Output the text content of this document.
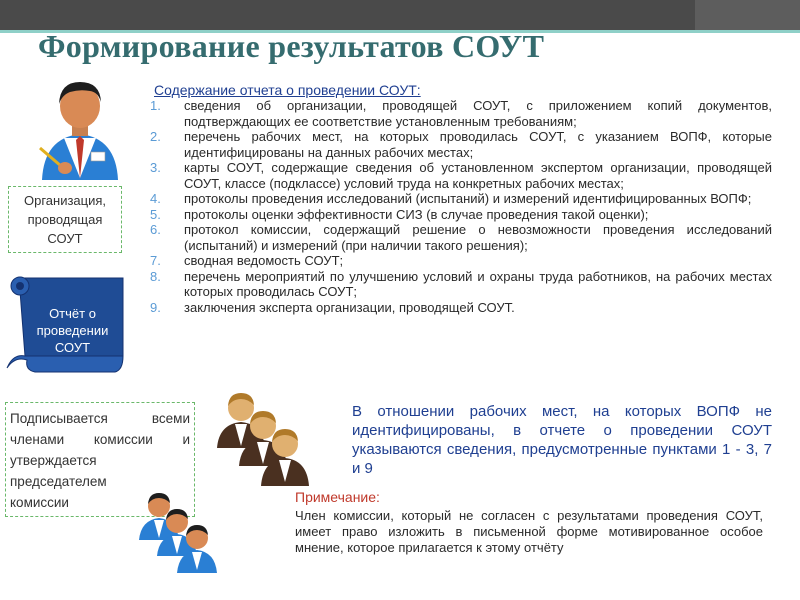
Формирование результатов СОУТ
Организация, проводящая СОУТ
Отчёт о проведении СОУТ
Содержание отчета о проведении СОУТ:
1. сведения об организации, проводящей СОУТ, с приложением копий документов, подтверждающих ее соответствие установленным требованиям;
2. перечень рабочих мест, на которых проводилась СОУТ, с указанием ВОПФ, которые идентифицированы на данных рабочих местах;
3. карты СОУТ, содержащие сведения об установленном экспертом организации, проводящей СОУТ, классе (подклассе) условий труда на конкретных рабочих местах;
4. протоколы проведения исследований (испытаний) и измерений идентифицированных ВОПФ;
5. протоколы оценки эффективности СИЗ (в случае проведения такой оценки);
6. протокол комиссии, содержащий решение о невозможности проведения исследований (испытаний) и измерений (при наличии такого решения);
7. сводная ведомость СОУТ;
8. перечень мероприятий по улучшению условий и охраны труда работников, на рабочих местах которых проводилась СОУТ;
9. заключения эксперта организации, проводящей СОУТ.
Подписывается всеми
членами комиссии и
утверждается
председателем
комиссии
В отношении рабочих мест, на которых ВОПФ не идентифицированы, в отчете о проведении СОУТ указываются сведения, предусмотренные пунктами 1 - 3, 7 и 9
Примечание:
Член комиссии, который не согласен с результатами проведения СОУТ, имеет право изложить в письменной форме мотивированное особое мнение, которое прилагается к этому отчёту
